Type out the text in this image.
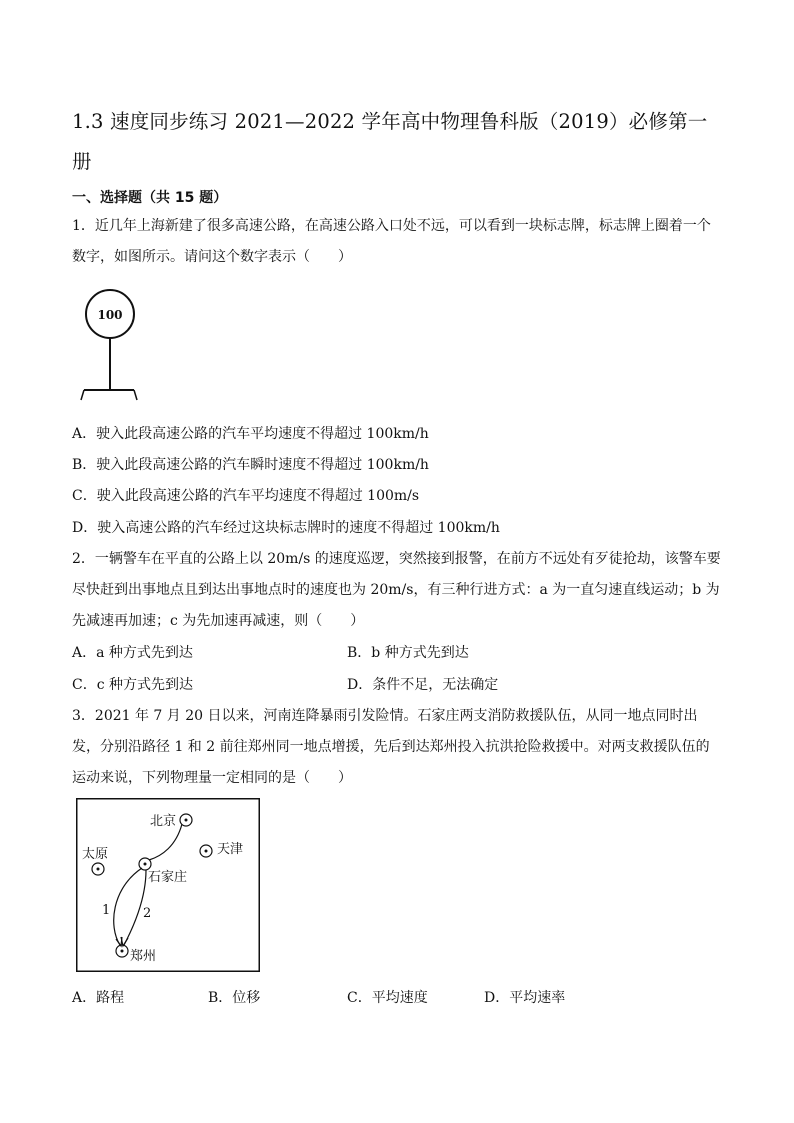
1.3 速度同步练习 2021—2022 学年高中物理鲁科版（2019）必修第一册
一、选择题（共 15 题）
1．近几年上海新建了很多高速公路，在高速公路入口处不远，可以看到一块标志牌，标志牌上圈着一个数字，如图所示。请问这个数字表示（　　）
100
A．驶入此段高速公路的汽车平均速度不得超过 100km/h
B．驶入此段高速公路的汽车瞬时速度不得超过 100km/h
C．驶入此段高速公路的汽车平均速度不得超过 100m/s
D．驶入高速公路的汽车经过这块标志牌时的速度不得超过 100km/h
2．一辆警车在平直的公路上以 20m/s 的速度巡逻，突然接到报警，在前方不远处有歹徒抢劫，该警车要尽快赶到出事地点且到达出事地点时的速度也为 20m/s，有三种行进方式：a 为一直匀速直线运动；b 为先减速再加速；c 为先加速再减速，则（　　）
A．a 种方式先到达	B．b 种方式先到达
C．c 种方式先到达	D．条件不足，无法确定
3．2021 年 7 月 20 日以来，河南连降暴雨引发险情。石家庄两支消防救援队伍，从同一地点同时出发，分别沿路径 1 和 2 前往郑州同一地点增援，先后到达郑州投入抗洪抢险救援中。对两支救援队伍的运动来说，下列物理量一定相同的是（　　）
北京
天津
太原
石家庄
郑州
1	2
A．路程	B．位移	C．平均速度	D．平均速率
